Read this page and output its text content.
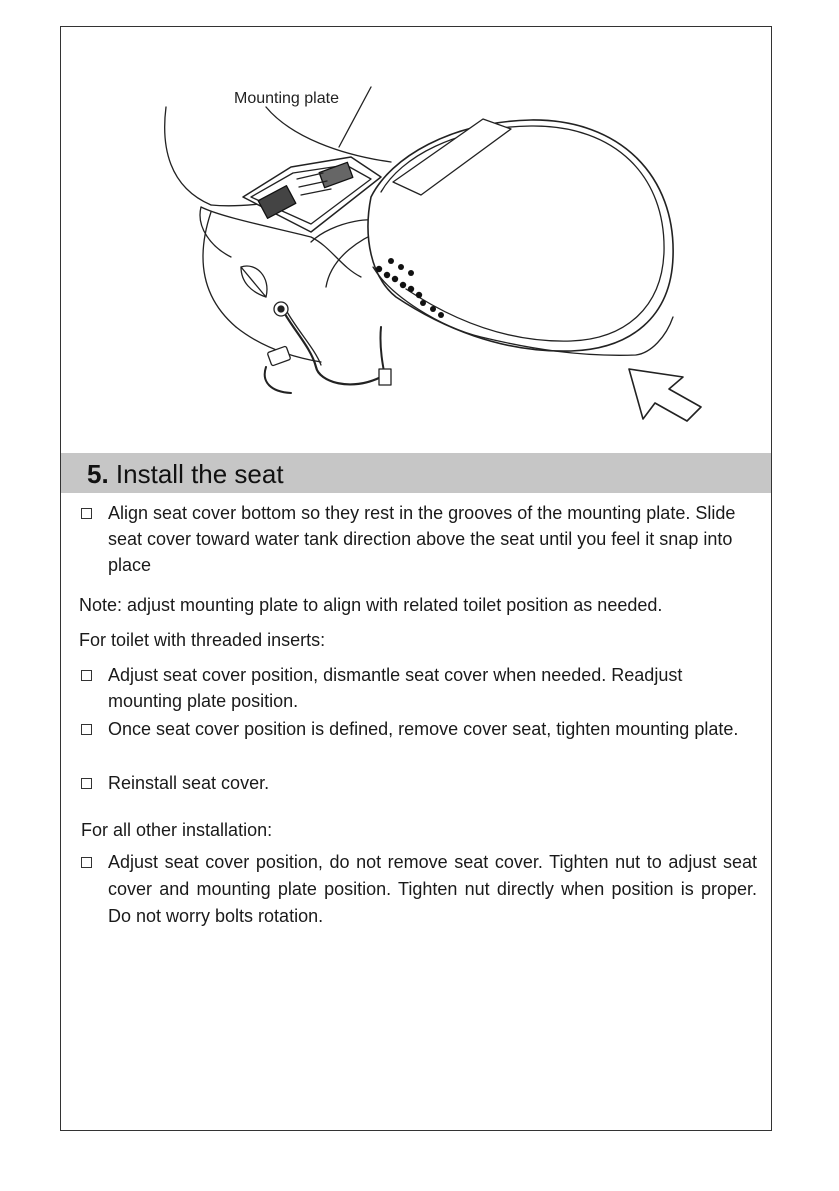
Mounting plate
5. Install the seat
Align seat cover bottom so they rest in the grooves of the mounting plate. Slide seat cover toward water tank direction above the seat until you feel it snap into place
Note: adjust mounting plate to align with related toilet position as needed.
For toilet with threaded inserts:
Adjust seat cover position, dismantle seat cover when needed. Readjust mounting plate position.
Once seat cover position is defined, remove cover seat, tighten mounting plate.
Reinstall seat cover.
For all other installation:
Adjust seat cover position, do not remove seat cover. Tighten nut to adjust seat cover and mounting plate position. Tighten nut directly when position is proper. Do not worry bolts rotation.
